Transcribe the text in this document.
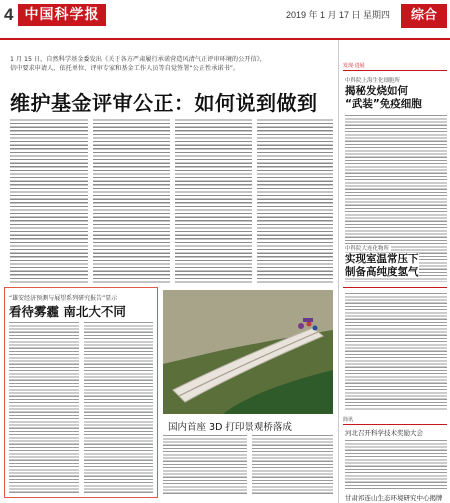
4 中国科学报	2019 年 1 月 17 日 星期四	综合
1 月 15 日，自然科学基金委发出《关于各方严肃履行承诺营造风清气正评审环境的公开信》，
信中要求申请人、依托单位、评审专家和基金工作人员等自觉签署“公正性承诺书”。
维护基金评审公正：如何说到做到
“雄安经济预测与展望系列研究报告”显示
看待雾霾 南北大不同
国内首座 3D 打印景观桥落成
发现·进展
中科院上海生化细胞所
揭秘发烧如何
“武装”免疫细胞
中科院大连化物所
实现室温常压下
制备高纯度氢气
简讯
河北召开科学技术奖励大会
甘肃祁连山生态环境研究中心揭牌
